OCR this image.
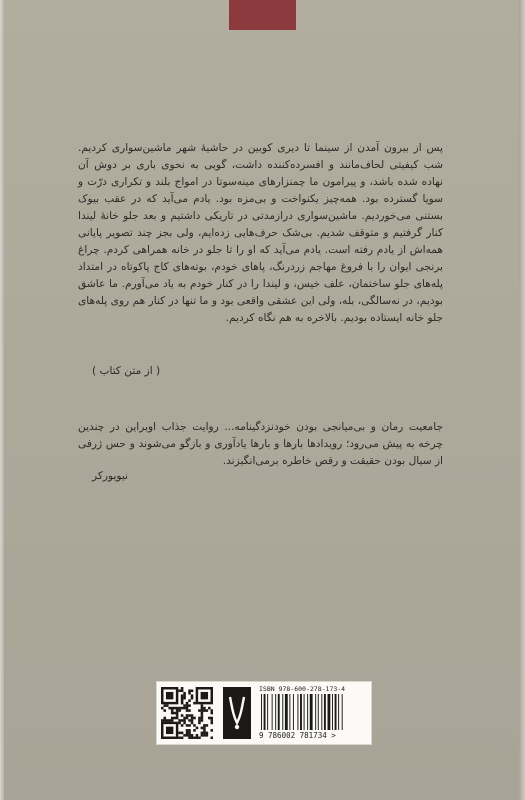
پس از بیرون آمدن از سینما تا دیری کوبین در حاشیهٔ شهر ماشین‌سواری کردیم. شب کیفیتی لحاف‌مانند و افسرده‌کننده داشت، گویی به نحوی باری بر دوش آن نهاده شده باشد، و پیرامون ما چمنزارهای مینه‌سوتا در امواج بلند و تکراری درّت و سویا گسترده بود. همه‌چیز یکنواخت و بی‌مزه بود. یادم می‌آید که در عقب بیوک بستنی می‌خوردیم. ماشین‌سواری درازمدتی در تاریکی داشتیم و بعد جلو خانهٔ لیندا کنار گرفتیم و متوقف شدیم. بی‌شک حرف‌هایی زده‌ایم، ولی بجز چند تصویر پایانی همه‌اش از یادم رفته است. یادم می‌آید که او را تا جلو در خانه همراهی کردم. چراغ برنجی ایوان را با فروغ مهاجم زردرنگ، پاهای خودم، بوته‌های کاج پاکوتاه در امتداد پله‌های جلو ساختمان، علف خیس، و لیندا را در کنار خودم به یاد می‌آورم. ما عاشق بودیم، در نه‌سالگی، بله، ولی این عشقی واقعی بود و ما تنها در کنار هم روی پله‌های جلو خانه ایستاده بودیم. بالاخره به هم نگاه کردیم.

( از متن کتاب )

جامعیت رمان و بی‌میانجی بودن خودنزدگینامه... روایت جذاب اوبراین در چندین چرخه به پیش می‌رود؛ رویدادها بارها و بارها یادآوری و بازگو می‌شوند و حس ژرفی از سیال بودن حقیقت و رقص خاطره برمی‌انگیزند.

نیویورکر
ISBN 978-600-278-173-4
9 786002 781734 >
